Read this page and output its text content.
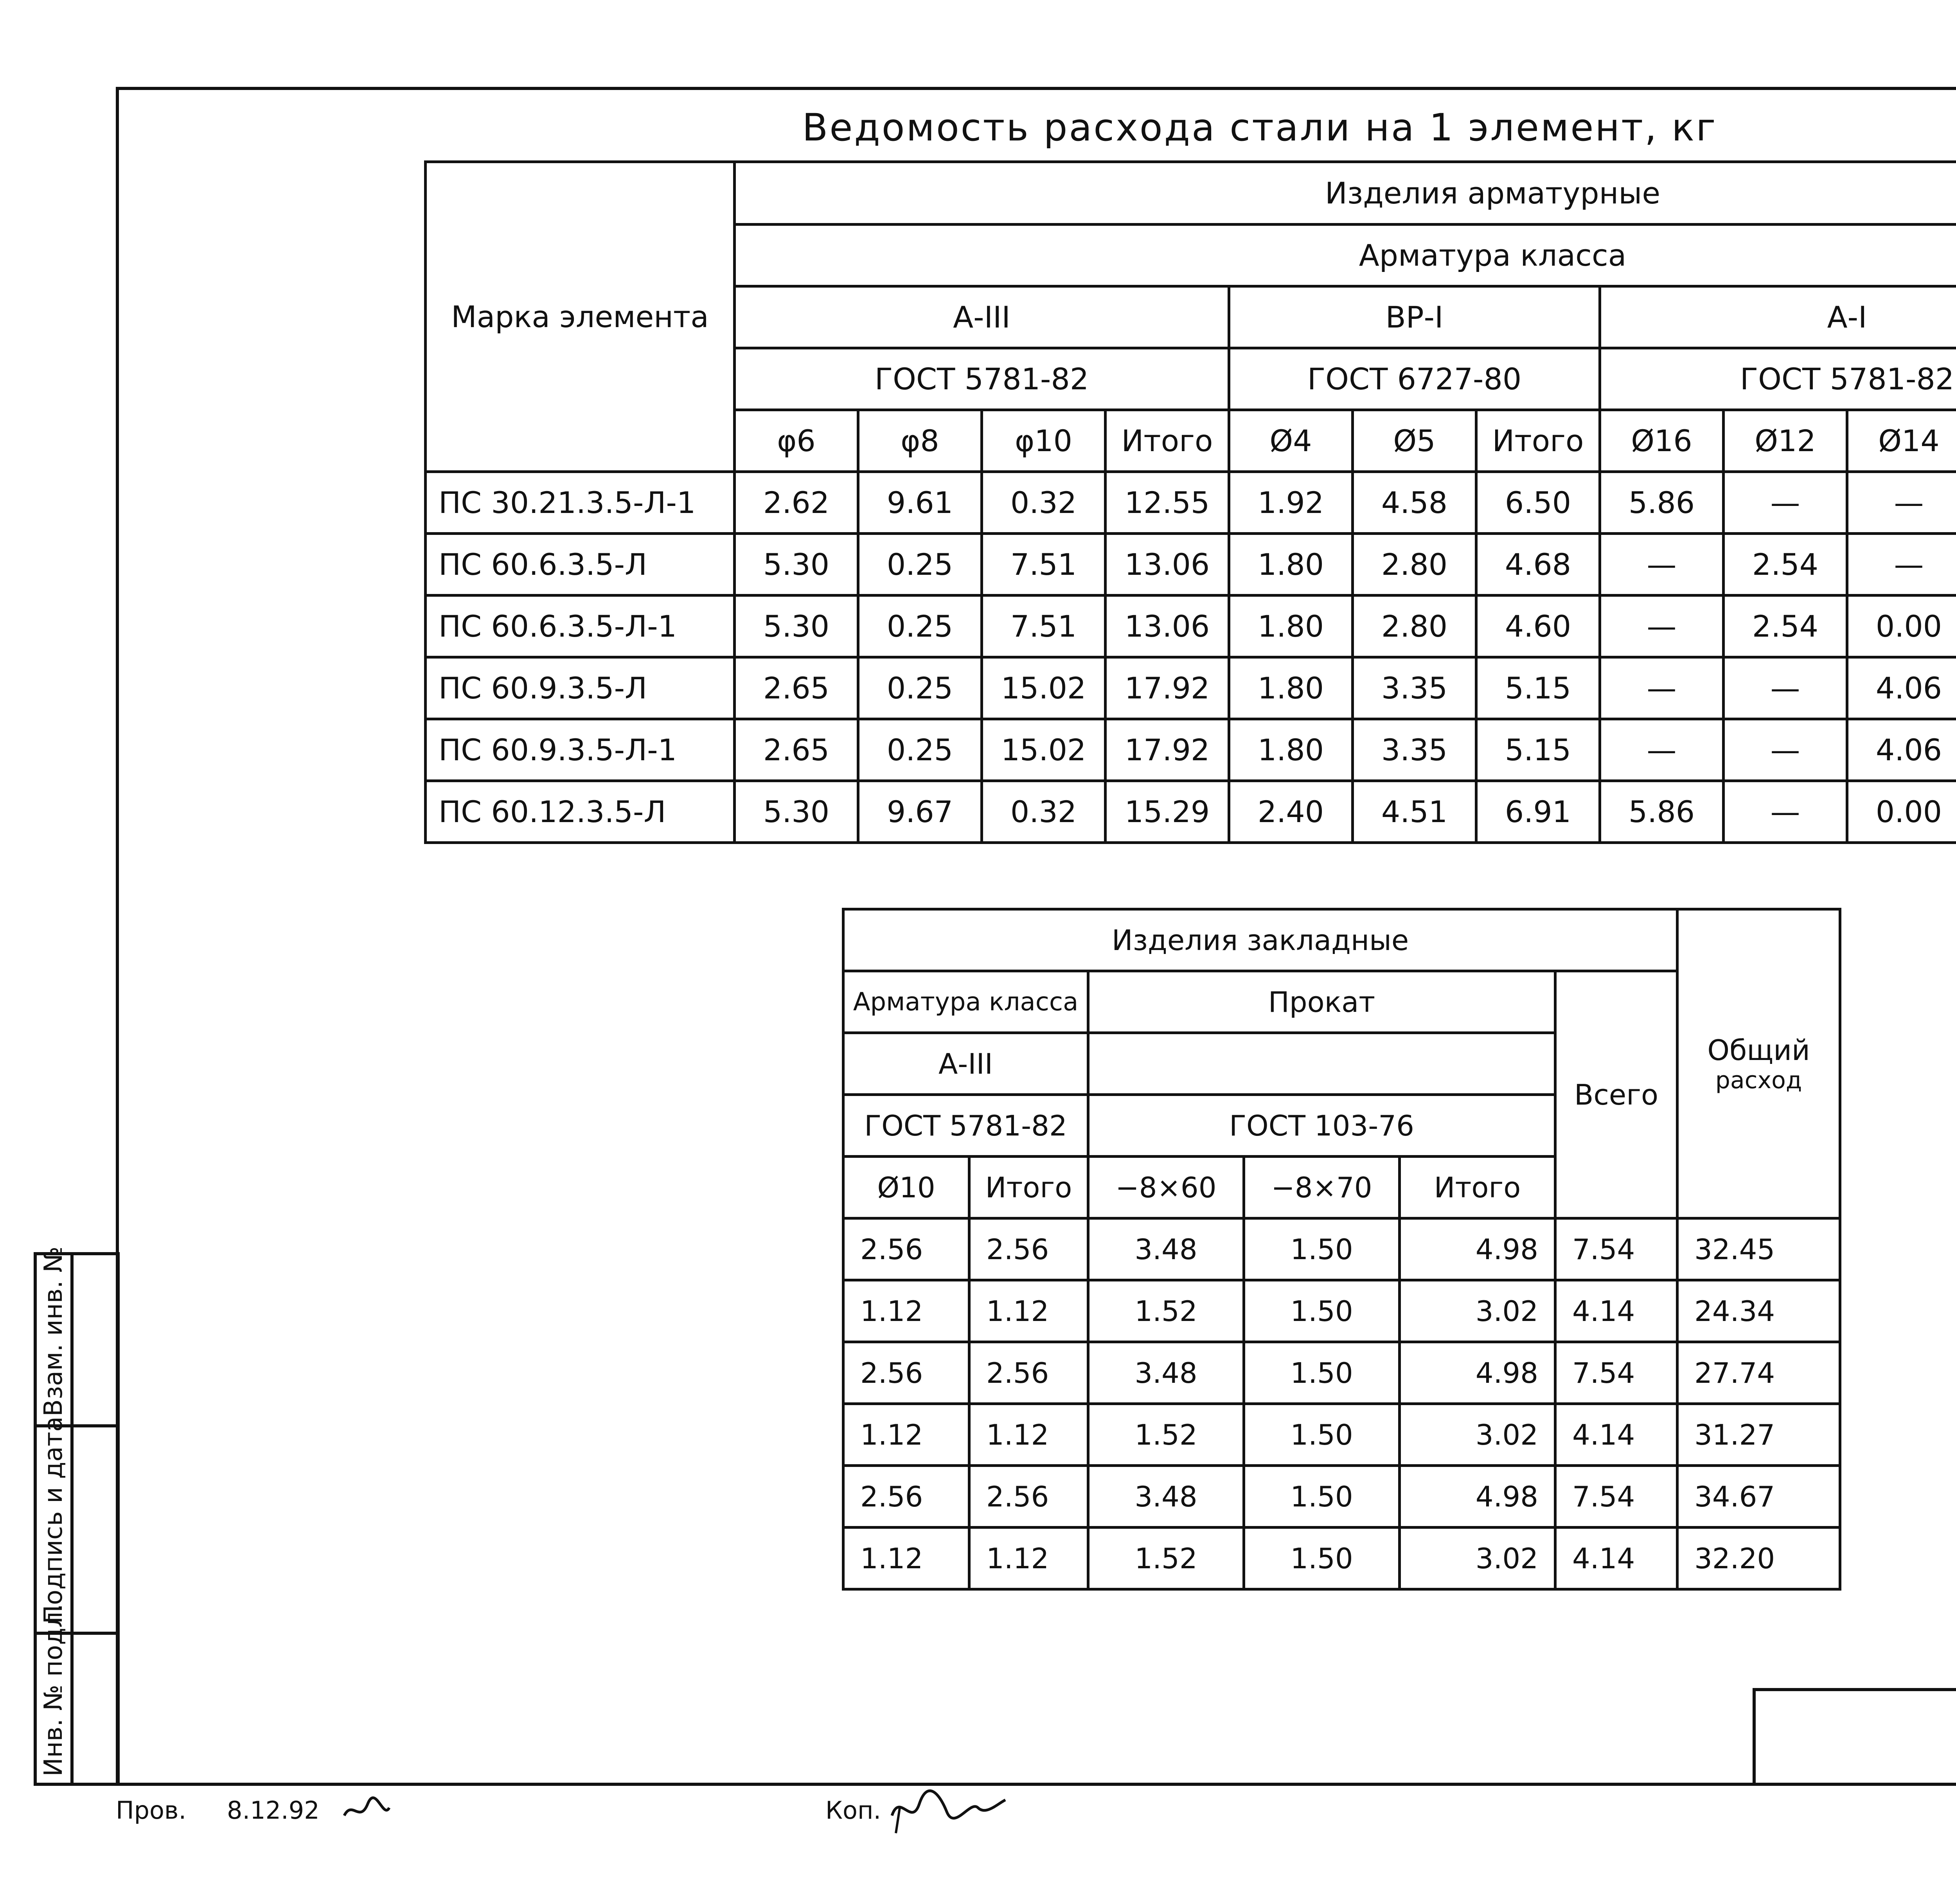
Ведомость расхода стали на 1 элемент, кг
Марка элемента	Изделия арматурные											
	Арматура класса											
	А-III				ВР-I			А-I	
	ГОСТ 5781-82				ГОСТ 6727-80			ГОСТ 5781-82				
	φ6	φ8	φ10	Итого	Ø4	Ø5	Итого	Ø16	Ø12	Ø14	
ПС 30.21.3.5-Л-1	2.62	9.61	0.32	12.55	1.92	4.58	6.50	5.86	—	—		
ПС 60.6.3.5-Л	5.30	0.25	7.51	13.06	1.80	2.80	4.68	—	2.54	—		
ПС 60.6.3.5-Л-1	5.30	0.25	7.51	13.06	1.80	2.80	4.60	—	2.54	0.00		
ПС 60.9.3.5-Л	2.65	0.25	15.02	17.92	1.80	3.35	5.15	—	—	4.06		
ПС 60.9.3.5-Л-1	2.65	0.25	15.02	17.92	1.80	3.35	5.15	—	—	4.06		
ПС 60.12.3.5-Л	5.30	9.67	0.32	15.29	2.40	4.51	6.91	5.86	—	0.00		
Изделия закладные						Общий
расход

Арматура класса		Прокат			Всего	
А-III						
ГОСТ 5781-82		ГОСТ 103-76				
Ø10	Итого	−8×60	−8×70	Итого		
2.56	2.56	3.48	1.50	4.98	7.54	32.45
1.12	1.12	1.52	1.50	3.02	4.14	24.34
2.56	2.56	3.48	1.50	4.98	7.54	27.74
1.12	1.12	1.52	1.50	3.02	4.14	31.27
2.56	2.56	3.48	1.50	4.98	7.54	34.67
1.12	1.12	1.52	1.50	3.02	4.14	32.20
Взам. инв. №
Подпись и дата
Инв. № подл.
Пров. 8.12.92	Коп.
